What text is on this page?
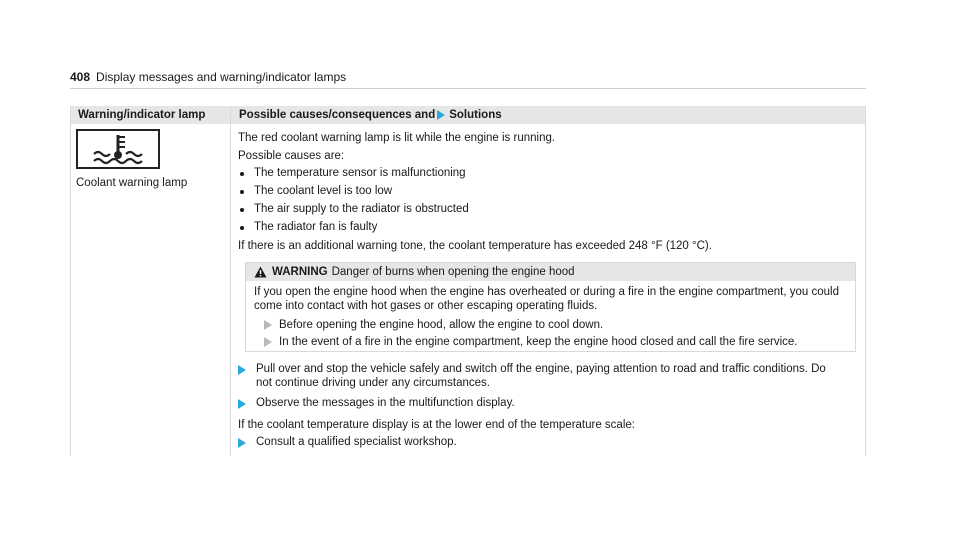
408 Display messages and warning/indicator lamps
Warning/indicator lamp	Possible causes/consequences and Solutions
Coolant warning lamp
The red coolant warning lamp is lit while the engine is running.
Possible causes are:
The temperature sensor is malfunctioning
The coolant level is too low
The air supply to the radiator is obstructed
The radiator fan is faulty
If there is an additional warning tone, the coolant temperature has exceeded 248 °F (120 °C).
WARNING Danger of burns when opening the engine hood
If you open the engine hood when the engine has overheated or during a fire in the engine compartment, you could
come into contact with hot gases or other escaping operating fluids.
Before opening the engine hood, allow the engine to cool down.
In the event of a fire in the engine compartment, keep the engine hood closed and call the fire service.
Pull over and stop the vehicle safely and switch off the engine, paying attention to road and traffic conditions. Do
not continue driving under any circumstances.
Observe the messages in the multifunction display.
If the coolant temperature display is at the lower end of the temperature scale:
Consult a qualified specialist workshop.
